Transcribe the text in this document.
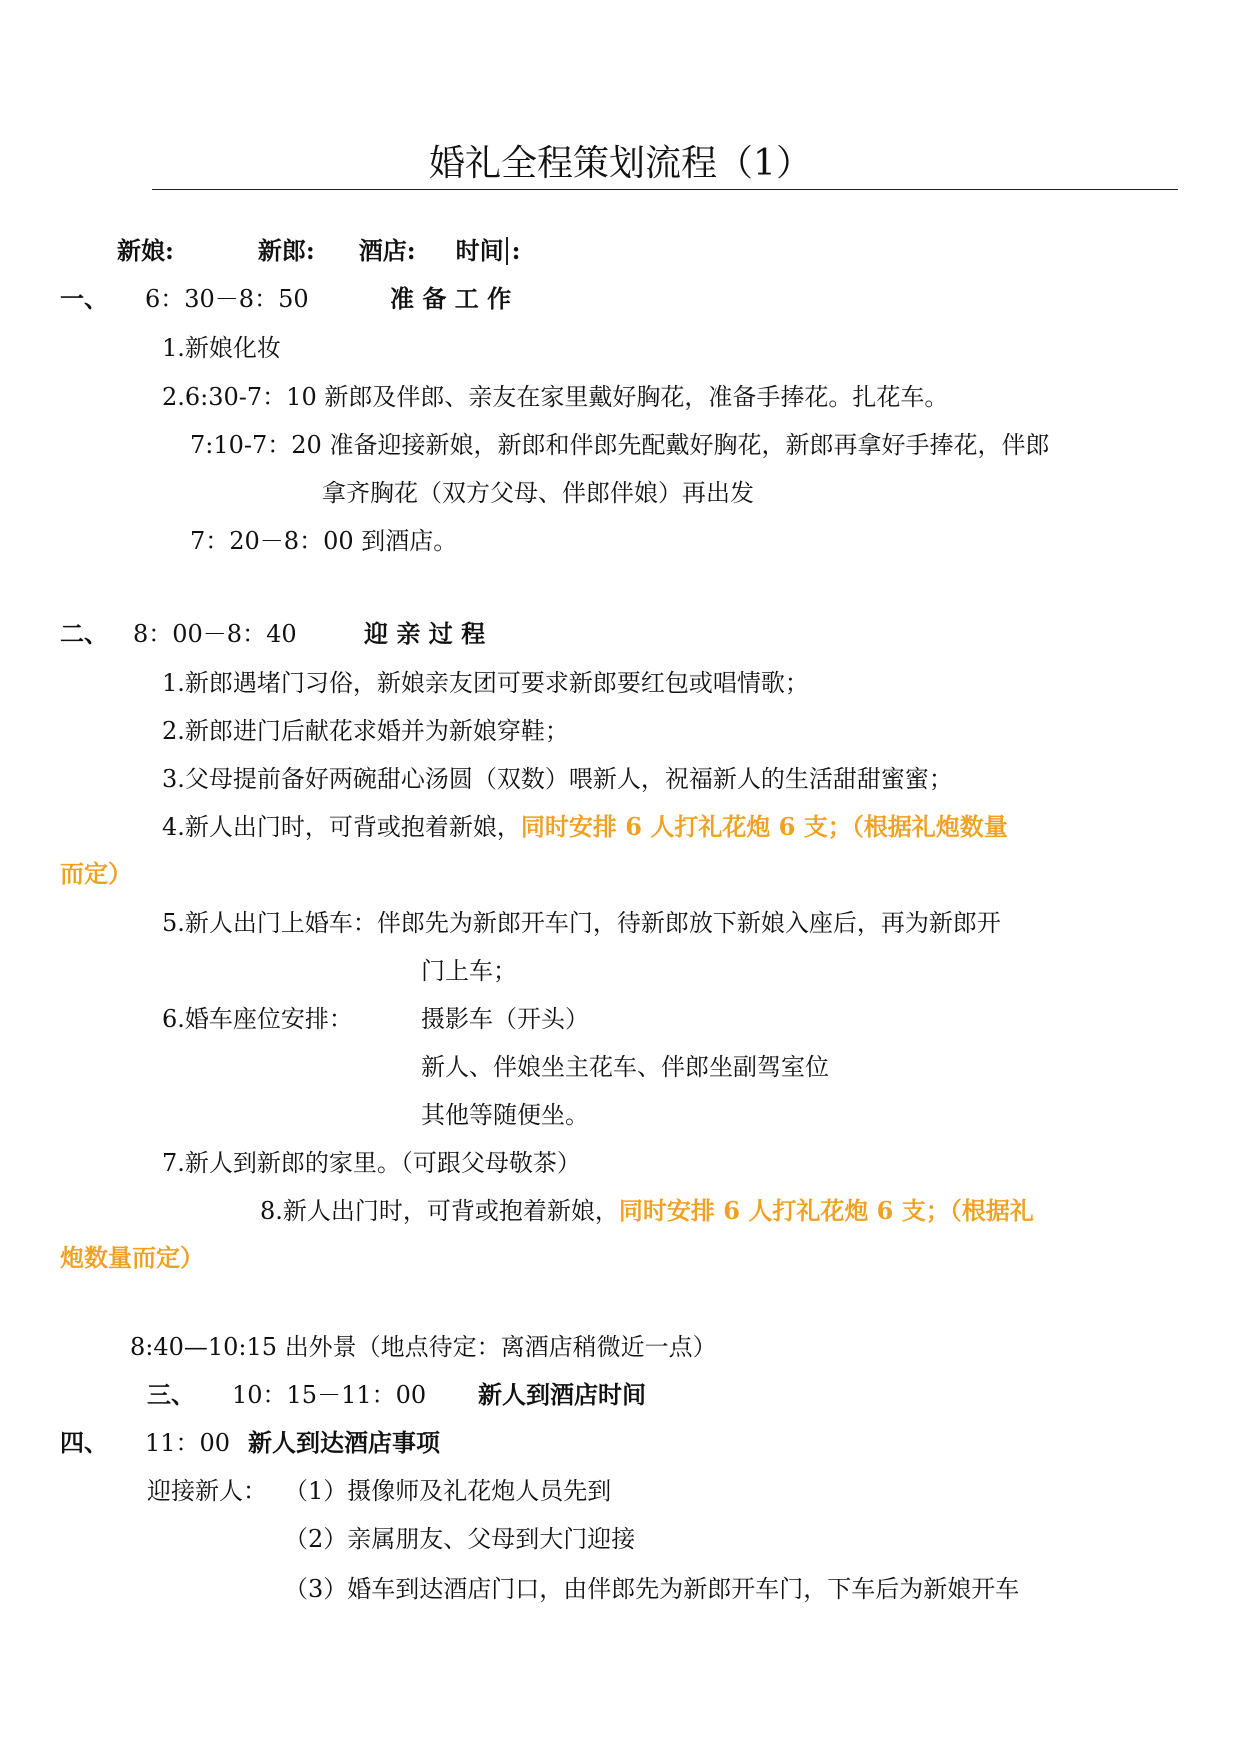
婚礼全程策划流程（1）
新娘:	新郎: 酒店: 时间 :
一、 6：30－8：50	准 备 工 作
1.新娘化妆
2.6:30-7：10 新郎及伴郎、亲友在家里戴好胸花，准备手捧花。扎花车。
7:10-7：20 准备迎接新娘，新郎和伴郎先配戴好胸花，新郎再拿好手捧花，伴郎
拿齐胸花（双方父母、伴郎伴娘）再出发
7：20－8：00 到酒店。
二、 8：00－8：40	迎 亲 过 程
1.新郎遇堵门习俗，新娘亲友团可要求新郎要红包或唱情歌；
2.新郎进门后献花求婚并为新娘穿鞋；
3.父母提前备好两碗甜心汤圆（双数）喂新人，祝福新人的生活甜甜蜜蜜；
4.新人出门时，可背或抱着新娘，同时安排 6 人打礼花炮 6 支；（根据礼炮数量
而定）
5.新人出门上婚车：伴郎先为新郎开车门，待新郎放下新娘入座后，再为新郎开
门上车；
6.婚车座位安排：	摄影车（开头）
新人、伴娘坐主花车、伴郎坐副驾室位
其他等随便坐。
7.新人到新郎的家里。（可跟父母敬茶）
8.新人出门时，可背或抱着新娘，同时安排 6 人打礼花炮 6 支；（根据礼
炮数量而定）
8:40—10:15 出外景（地点待定：离酒店稍微近一点）
三、 10：15－11：00 新人到酒店时间
四、 11：00 新人到达酒店事项
迎接新人： （1）摄像师及礼花炮人员先到
（2）亲属朋友、父母到大门迎接
（3）婚车到达酒店门口，由伴郎先为新郎开车门，下车后为新娘开车
